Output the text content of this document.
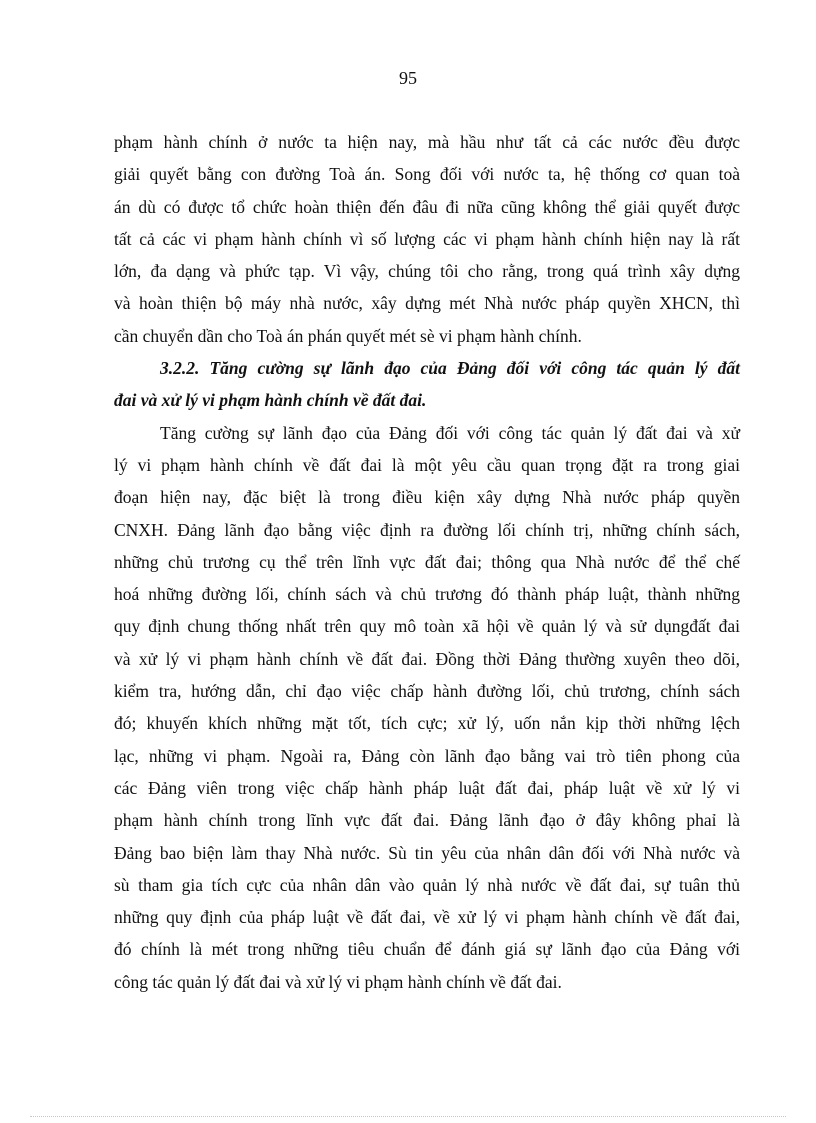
95
phạm hành chính ở nước ta hiện nay, mà hầu như tất cả các nước đều được
giải quyết bằng con đường Toà án. Song đối với nước ta, hệ thống cơ quan toà
án dù có được tổ chức hoàn thiện đến đâu đi nữa cũng không thể giải quyết được
tất cả các vi phạm hành chính vì số lượng các vi phạm hành chính hiện nay là rất
lớn, đa dạng và phức tạp. Vì vậy, chúng tôi cho rằng, trong quá trình xây dựng
và hoàn thiện bộ máy nhà nước, xây dựng mét Nhà nước pháp quyền XHCN, thì
cần chuyển dần cho Toà án phán quyết mét sè vi phạm hành chính.
3.2.2. Tăng cường sự lãnh đạo của Đảng đối với công tác quản lý đất
đai và xử lý vi phạm hành chính về đất đai.
Tăng cường sự lãnh đạo của Đảng đối với công tác quản lý đất đai và xử
lý vi phạm hành chính về đất đai là một yêu cầu quan trọng đặt ra trong giai
đoạn hiện nay, đặc biệt là trong điều kiện xây dựng Nhà nước pháp quyền
CNXH. Đảng lãnh đạo bằng việc định ra đường lối chính trị, những chính sách,
những chủ trương cụ thể trên lĩnh vực đất đai; thông qua Nhà nước để thể chế
hoá những đường lối, chính sách và chủ trương đó thành pháp luật, thành những
quy định chung thống nhất trên quy mô toàn xã hội về quản lý và sử dụngđất đai
và xử lý vi phạm hành chính về đất đai. Đồng thời Đảng thường xuyên theo dõi,
kiểm tra, hướng dẫn, chỉ đạo việc chấp hành đường lối, chủ trương, chính sách
đó; khuyến khích những mặt tốt, tích cực; xử lý, uốn nắn kịp thời những lệch
lạc, những vi phạm. Ngoài ra, Đảng còn lãnh đạo bằng vai trò tiên phong của
các Đảng viên trong việc chấp hành pháp luật đất đai, pháp luật về xử lý vi
phạm hành chính trong lĩnh vực đất đai. Đảng lãnh đạo ở đây không phaỉ là
Đảng bao biện làm thay Nhà nước. Sù tin yêu của nhân dân đối với Nhà nước và
sù tham gia tích cực của nhân dân vào quản lý nhà nước về đất đai, sự tuân thủ
những quy định của pháp luật về đất đai, về xử lý vi phạm hành chính về đất đai,
đó chính là mét trong những tiêu chuẩn để đánh giá sự lãnh đạo của Đảng với
công tác quản lý đất đai và xử lý vi phạm hành chính về đất đai.
